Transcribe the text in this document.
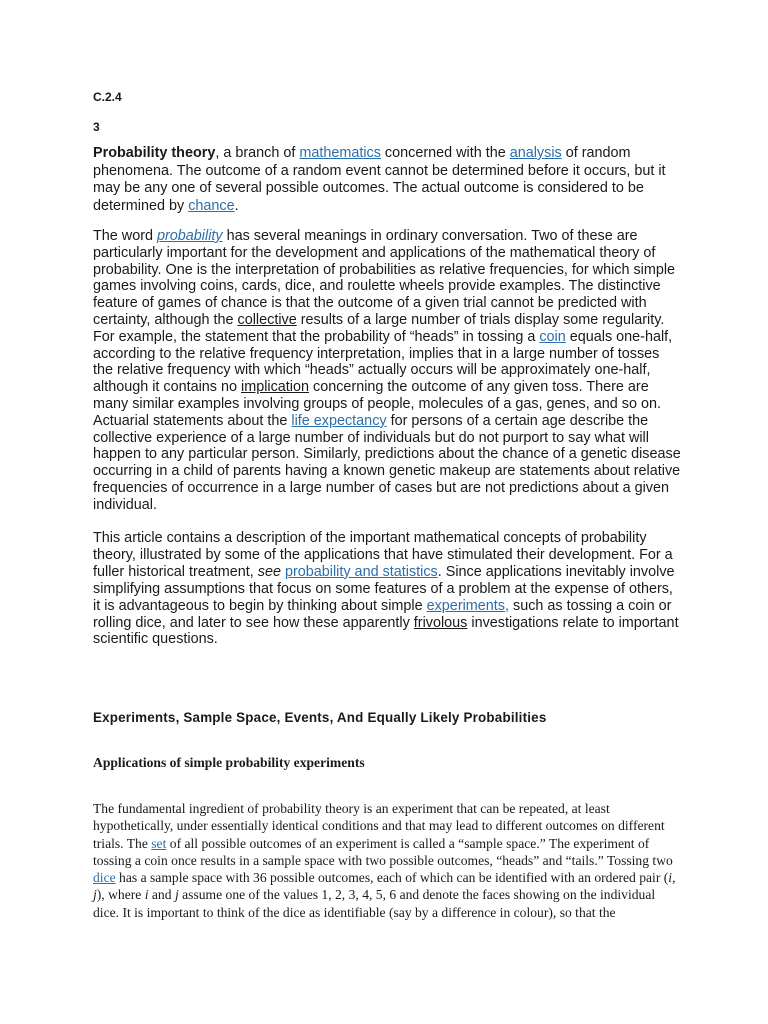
C.2.4
3

Probability theory, a branch of mathematics concerned with the analysis of random phenomena. The outcome of a random event cannot be determined before it occurs, but it may be any one of several possible outcomes. The actual outcome is considered to be determined by chance.

The word probability has several meanings in ordinary conversation. Two of these are particularly important for the development and applications of the mathematical theory of probability. One is the interpretation of probabilities as relative frequencies, for which simple games involving coins, cards, dice, and roulette wheels provide examples. The distinctive feature of games of chance is that the outcome of a given trial cannot be predicted with certainty, although the collective results of a large number of trials display some regularity. For example, the statement that the probability of “heads” in tossing a coin equals one-half, according to the relative frequency interpretation, implies that in a large number of tosses the relative frequency with which “heads” actually occurs will be approximately one-half, although it contains no implication concerning the outcome of any given toss. There are many similar examples involving groups of people, molecules of a gas, genes, and so on. Actuarial statements about the life expectancy for persons of a certain age describe the collective experience of a large number of individuals but do not purport to say what will happen to any particular person. Similarly, predictions about the chance of a genetic disease occurring in a child of parents having a known genetic makeup are statements about relative frequencies of occurrence in a large number of cases but are not predictions about a given individual.

This article contains a description of the important mathematical concepts of probability theory, illustrated by some of the applications that have stimulated their development. For a fuller historical treatment, see probability and statistics. Since applications inevitably involve simplifying assumptions that focus on some features of a problem at the expense of others, it is advantageous to begin by thinking about simple experiments, such as tossing a coin or rolling dice, and later to see how these apparently frivolous investigations relate to important scientific questions.

Experiments, Sample Space, Events, And Equally Likely Probabilities
Applications of simple probability experiments

The fundamental ingredient of probability theory is an experiment that can be repeated, at least hypothetically, under essentially identical conditions and that may lead to different outcomes on different trials. The set of all possible outcomes of an experiment is called a “sample space.” The experiment of tossing a coin once results in a sample space with two possible outcomes, “heads” and “tails.” Tossing two dice has a sample space with 36 possible outcomes, each of which can be identified with an ordered pair (i, j), where i and j assume one of the values 1, 2, 3, 4, 5, 6 and denote the faces showing on the individual dice. It is important to think of the dice as identifiable (say by a difference in colour), so that the
